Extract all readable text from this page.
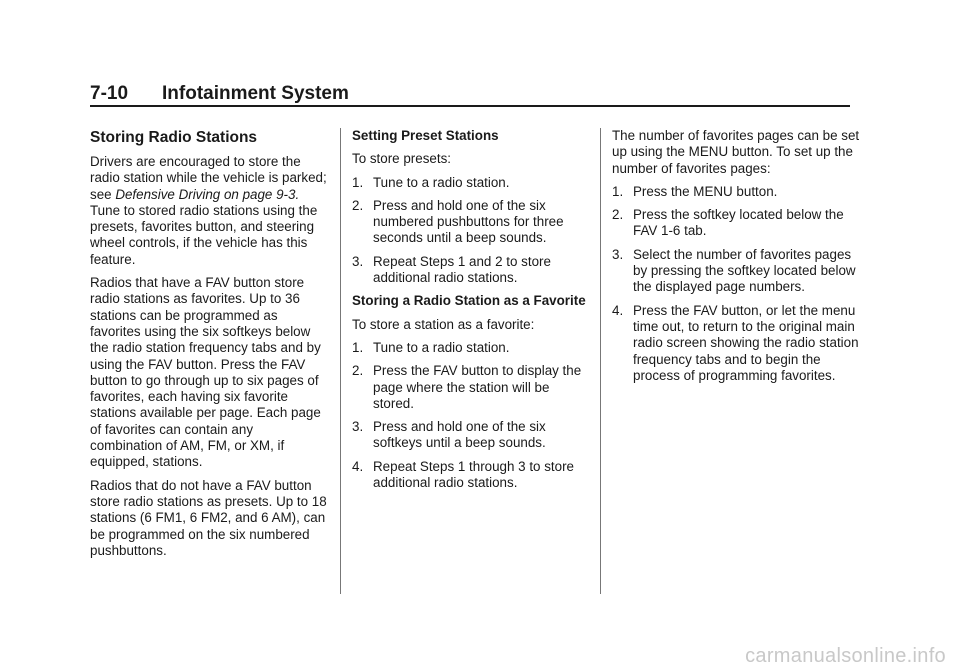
7-10 Infotainment System
Storing Radio Stations

Drivers are encouraged to store the radio station while the vehicle is parked; see Defensive Driving on page 9-3. Tune to stored radio stations using the presets, favorites button, and steering wheel controls, if the vehicle has this feature.

Radios that have a FAV button store radio stations as favorites. Up to 36 stations can be programmed as favorites using the six softkeys below the radio station frequency tabs and by using the FAV button. Press the FAV button to go through up to six pages of favorites, each having six favorite stations available per page. Each page of favorites can contain any combination of AM, FM, or XM, if equipped, stations.

Radios that do not have a FAV button store radio stations as presets. Up to 18 stations (6 FM1, 6 FM2, and 6 AM), can be programmed on the six numbered pushbuttons.

Setting Preset Stations

To store presets:

1. Tune to a radio station.
2. Press and hold one of the six numbered pushbuttons for three seconds until a beep sounds.
3. Repeat Steps 1 and 2 to store additional radio stations.
Storing a Radio Station as a Favorite

To store a station as a favorite:

1. Tune to a radio station.
2. Press the FAV button to display the page where the station will be stored.
3. Press and hold one of the six softkeys until a beep sounds.
4. Repeat Steps 1 through 3 to store additional radio stations.

The number of favorites pages can be set up using the MENU button. To set up the number of favorites pages:

1. Press the MENU button.
2. Press the softkey located below the FAV 1-6 tab.
3. Select the number of favorites pages by pressing the softkey located below the displayed page numbers.
4. Press the FAV button, or let the menu time out, to return to the original main radio screen showing the radio station frequency tabs and to begin the process of programming favorites.
carmanualsonline.info
